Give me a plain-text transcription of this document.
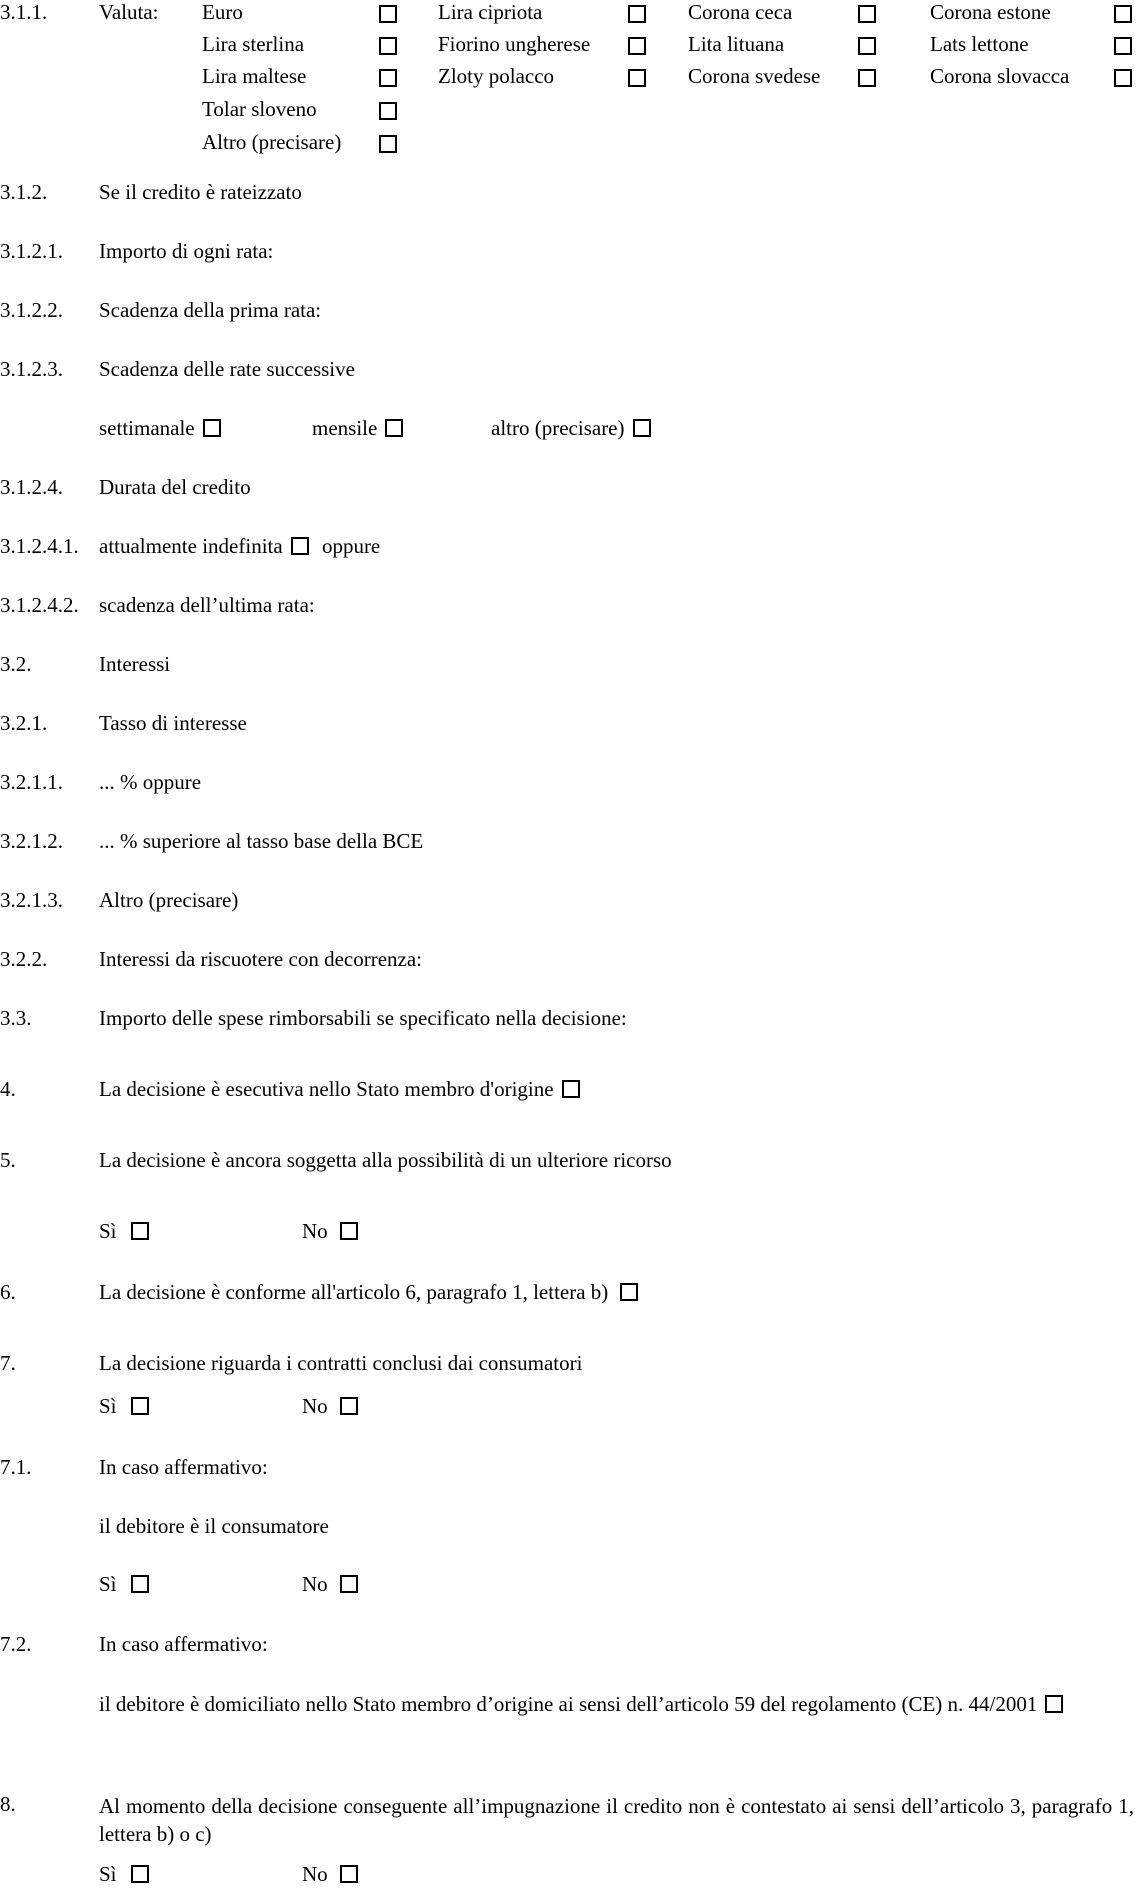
3.1.1. Valuta: Euro	Lira cipriota	Corona ceca	Corona estone
Lira sterlina	Fiorino ungherese	Lita lituana	Lats lettone
Lira maltese	Zloty polacco	Corona svedese	Corona slovacca
Tolar sloveno
Altro (precisare)
3.1.2. Se il credito è rateizzato
3.1.2.1. Importo di ogni rata:
3.1.2.2. Scadenza della prima rata:
3.1.2.3. Scadenza delle rate successive
settimanale	mensile	altro (precisare)
3.1.2.4. Durata del credito
3.1.2.4.1. attualmente indefinita oppure
3.1.2.4.2. scadenza dell’ultima rata:
3.2.	Interessi
3.2.1. Tasso di interesse
3.2.1.1. ... % oppure
3.2.1.2. ... % superiore al tasso base della BCE
3.2.1.3. Altro (precisare)
3.2.2. Interessi da riscuotere con decorrenza:
3.3.	Importo delle spese rimborsabili se specificato nella decisione:
4.	La decisione è esecutiva nello Stato membro d'origine
5.	La decisione è ancora soggetta alla possibilità di un ulteriore ricorso
Sì	No
6.	La decisione è conforme all'articolo 6, paragrafo 1, lettera b)
7.	La decisione riguarda i contratti conclusi dai consumatori
Sì	No
7.1.	In caso affermativo:
il debitore è il consumatore
Sì	No
7.2.	In caso affermativo:
il debitore è domiciliato nello Stato membro d’origine ai sensi dell’articolo 59 del regolamento (CE) n. 44/2001
8.	Al momento della decisione conseguente all’impugnazione il credito non è contestato ai sensi dell’articolo 3, paragrafo 1, lettera b) o c)
Sì	No
